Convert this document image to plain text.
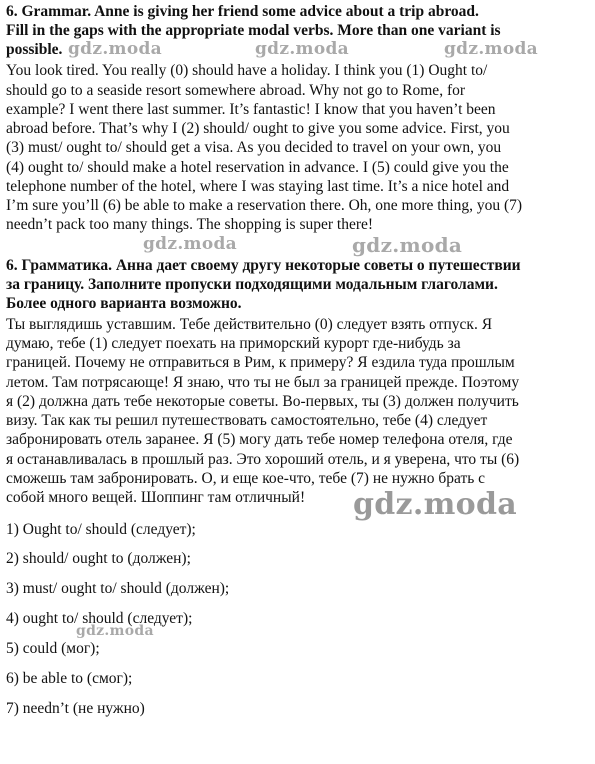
6. Grammar. Anne is giving her friend some advice about a trip abroad.
Fill in the gaps with the appropriate modal verbs. More than one variant is
possible.
You look tired. You really (0) should have a holiday. I think you (1) Ought to/
should go to a seaside resort somewhere abroad. Why not go to Rome, for
example? I went there last summer. It’s fantastic! I know that you haven’t been
abroad before. That’s why I (2) should/ ought to give you some advice. First, you
(3) must/ ought to/ should get a visa. As you decided to travel on your own, you
(4) ought to/ should make a hotel reservation in advance. I (5) could give you the
telephone number of the hotel, where I was staying last time. It’s a nice hotel and
I’m sure you’ll (6) be able to make a reservation there. Oh, one more thing, you (7)
needn’t pack too many things. The shopping is super there!
6. Грамматика. Анна дает своему другу некоторые советы о путешествии
за границу. Заполните пропуски подходящими модальным глаголами.
Более одного варианта возможно.
Ты выглядишь уставшим. Тебе действительно (0) следует взять отпуск. Я
думаю, тебе (1) следует поехать на приморский курорт где-нибудь за
границей. Почему не отправиться в Рим, к примеру? Я ездила туда прошлым
летом. Там потрясающе! Я знаю, что ты не был за границей прежде. Поэтому
я (2) должна дать тебе некоторые советы. Во-первых, ты (3) должен получить
визу. Так как ты решил путешествовать самостоятельно, тебе (4) следует
забронировать отель заранее. Я (5) могу дать тебе номер телефона отеля, где
я останавливалась в прошлый раз. Это хороший отель, и я уверена, что ты (6)
сможешь там забронировать. О, и еще кое-что, тебе (7) не нужно брать с
собой много вещей. Шоппинг там отличный!
1) Ought to/ should (следует);
2) should/ ought to (должен);
3) must/ ought to/ should (должен);
4) ought to/ should (следует);
5) could (мог);
6) be able to (смог);
7) needn’t (не нужно)
gdz.moda	gdz.moda	gdz.moda
gdz.moda	gdz.moda
gdz.moda
gdz.moda
